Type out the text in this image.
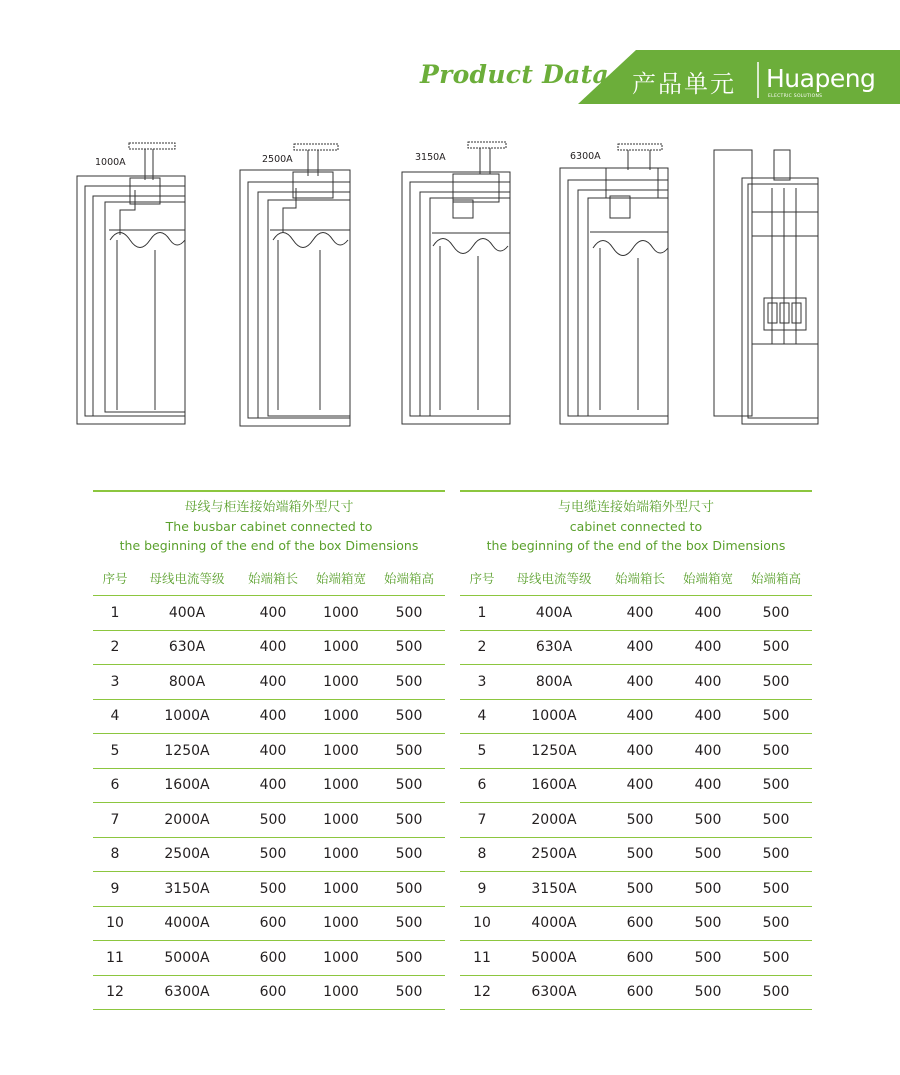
Product Data 产品单元 Huapeng
ELECTRIC SOLUTIONS
1000A	2500A	3150A	6300A
母线与柜连接始端箱外型尺寸
The busbar cabinet connected to
the beginning of the end of the box Dimensions
序号	母线电流等级	始端箱长	始端箱宽	始端箱高
1	400A	400	1000	500
2	630A	400	1000	500
3	800A	400	1000	500
4	1000A	400	1000	500
5	1250A	400	1000	500
6	1600A	400	1000	500
7	2000A	500	1000	500
8	2500A	500	1000	500
9	3150A	500	1000	500
10	4000A	600	1000	500
11	5000A	600	1000	500
12	6300A	600	1000	500
与电缆连接始端箱外型尺寸
cabinet connected to
the beginning of the end of the box Dimensions
序号	母线电流等级	始端箱长	始端箱宽	始端箱高
1	400A	400	400	500
2	630A	400	400	500
3	800A	400	400	500
4	1000A	400	400	500
5	1250A	400	400	500
6	1600A	400	400	500
7	2000A	500	500	500
8	2500A	500	500	500
9	3150A	500	500	500
10	4000A	600	500	500
11	5000A	600	500	500
12	6300A	600	500	500
